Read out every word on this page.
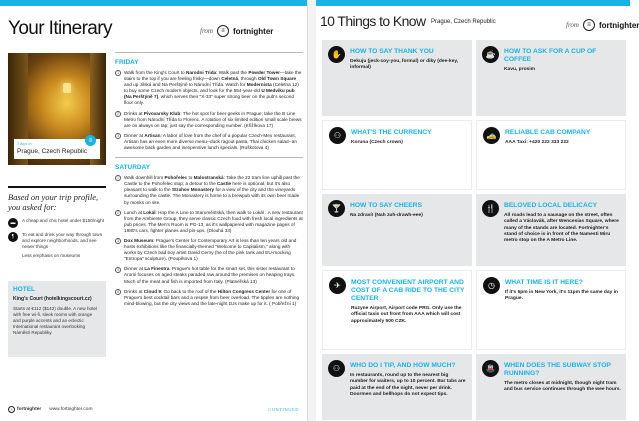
Your Itinerary	from	≡	fortnighter
3 days in:
Prague, Czech Republic
≡
Based on your trip profile, you asked for:
▬	A cheap and chic hotel under $150/night
¶	To eat and drink your way through town and explore neighborhoods, and see newer things
Less emphasis on museums
HOTEL
King's Court (hotelkingscourt.cz)
Starts at €112 ($142) double. A new hotel with free wi-fi, sleek rooms with orange and purple accents and an eclectic International restaurant overlooking Náměstí Republiky.
≡ fortnighter www.fortnighter.com
FRIDAY
1	Walk from the King's Court to Narodni Trida: Walk past the Powder Tower—take the stairs to the top if you are feeling frisky—down Celetná, through Old Town Square and up Jilská and Na Perštýně to Národní Třída. Watch for Modernista (Celetna 12) to buy some Czech modern objects, and look for the 554-year-old U Medviku pub (Na Perštýně 7), which serves their "X-33" super strong beer on the pub's second floor only.
2	Drinks at Pivovarsky Klub: The hot spot for beer geeks in Prague; take the B Line Metro from Národní Třída to Florenc. A rotation of six limited edition small scale brews are on always on tap; just say the corresponding number. (Křižíkova 17)
3	Dinner at Artisan: A labor of love from the chef of a popular Czech-Mex restaurant, Artisan has an even more diverse menu--duck ragout pasta, Thai chicken salad--an awesome back garden and inexpensive lunch specials. (Roškotova 4)
SATURDAY
1	Walk downhill from Pohořelec to Malostranská: Take the 22 tram line uphill past the Castle to the Pohořelec stop; a detour to the Castle here is optional, but it's also pleasant to walk to the Strahov Monastery for a view of the city and the vineyards surrounding the castle. The Monastery is home to a brewpub with its own beer made by monks on site.
2	Lunch at Lokál: Hop the A Line to Staroměstská, then walk to Lokál . A new restaurant from the Ambiente Group, they serve classic Czech food with fresh local ingredients at pub prices. The Men's Room is PG-13, as it's wallpapered with magazine pages of 1980's cars, fighter planes and pin-ups. (Dlouhá 33)
3	Dox Museum: Prague's Center for Contemporary Art is less than ten years old and hosts exhibitions like the financially-themed "Welcome to Capitalism," along with works by Czech bad boy artist David Cerny (he of the pink tank and EU-mocking "Entropa" sculpture). (Poupětova 1)
4	Dinner at La Finestra: Prague's hot table for the smart set, this sister restaurant to Aromi focuses on aged steaks paraded raw around the premises on heaping trays. Much of the meat and fish is imported from Italy. (Platnéřská 13)
5	Drinks at Cloud 9: Go back to the roof of the Hilton Congress Center for one of Prague's best cocktail bars and a respite from beer overload. The tipples are nothing mind-blowing, but the city views and the late-night DJs make up for it. ( Pobřežní 1)
CONTINUED
10 Things to Know Prague, Czech Republic	from	≡	fortnighter
✋	HOW TO SAY THANK YOU
Dekuju (jeck-coy-you, formal) or diky (dee-key, informal)
☕	HOW TO ASK FOR A CUP OF COFFEE
Kavu, prosim
⚇	WHAT'S THE CURRENCY
Koruna (Czech crown)
🚕	RELIABLE CAB COMPANY
AAA Taxi: +420 222 333 222
🍸	HOW TO SAY CHEERS
Na zdraví! (Nah zuh-drawh-eee)
🍴	BELOVED LOCAL DELICACY
All roads lead to a sausage on the street, often called a Václavák, after Wencesias Square, where many of the stands are located. Fortnighter's stand of choice is in front of the Namesti Miru metro stop on the A Metro Line.
✈	MOST CONVENIENT AIRPORT AND COST OF A CAB RIDE TO THE CITY CENTER
Ruzyne Airport, Airport code PRG. Only use the official taxis out front from AAA which will cost approximately 500 CZK.
◷	WHAT TIME IS IT HERE?
If it's 5pm in New York, it's 11pm the same day in Prague.
⚇	WHO DO I TIP, AND HOW MUCH?
In restaurants, round up to the nearest big number for waiters, up to 10 percent. Bar tabs are paid at the end of the night, never per drink. Doormen and bellhops do not expect tips.
🚇	WHEN DOES THE SUBWAY STOP RUNNING?
The metro closes at midnight, though night tram and bus service continues through the wee hours.
